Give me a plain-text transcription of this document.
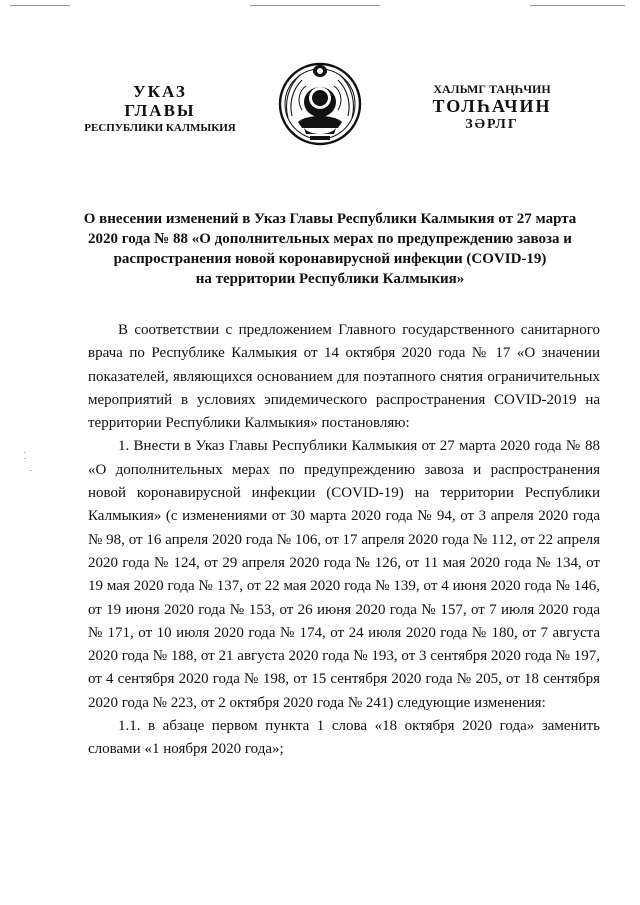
УКАЗ
ГЛАВЫ
РЕСПУБЛИКИ КАЛМЫКИЯ
ХАЛЬМГ ТАҢҺЧИН
ТОЛҺАЧИН
ЗӘРЛГ
О внесении изменений в Указ Главы Республики Калмыкия от 27 марта
2020 года № 88 «О дополнительных мерах по предупреждению завоза и
распространения новой коронавирусной инфекции (COVID-19)
на территории Республики Калмыкия»

В соответствии с предложением Главного государственного санитарного врача по Республике Калмыкия от 14 октября 2020 года № 17 «О значении показателей, являющихся основанием для поэтапного снятия ограничительных мероприятий в условиях эпидемического распространения COVID-2019 на территории Республики Калмыкия» постановляю:

1. Внести в Указ Главы Республики Калмыкия от 27 марта 2020 года № 88 «О дополнительных мерах по предупреждению завоза и распространения новой коронавирусной инфекции (COVID-19) на территории Республики Калмыкия» (с изменениями от 30 марта 2020 года № 94, от 3 апреля 2020 года № 98, от 16 апреля 2020 года № 106, от 17 апреля 2020 года № 112, от 22 апреля 2020 года № 124, от 29 апреля 2020 года № 126, от 11 мая 2020 года № 134, от 19 мая 2020 года № 137, от 22 мая 2020 года № 139, от 4 июня 2020 года № 146, от 19 июня 2020 года № 153, от 26 июня 2020 года № 157, от 7 июля 2020 года № 171, от 10 июля 2020 года № 174, от 24 июля 2020 года № 180, от 7 августа 2020 года № 188, от 21 августа 2020 года № 193, от 3 сентября 2020 года № 197, от 4 сентября 2020 года № 198, от 15 сентября 2020 года № 205, от 18 сентября 2020 года № 223, от 2 октября 2020 года № 241) следующие изменения:

1.1. в абзаце первом пункта 1 слова «18 октября 2020 года» заменить словами «1 ноября 2020 года»;
